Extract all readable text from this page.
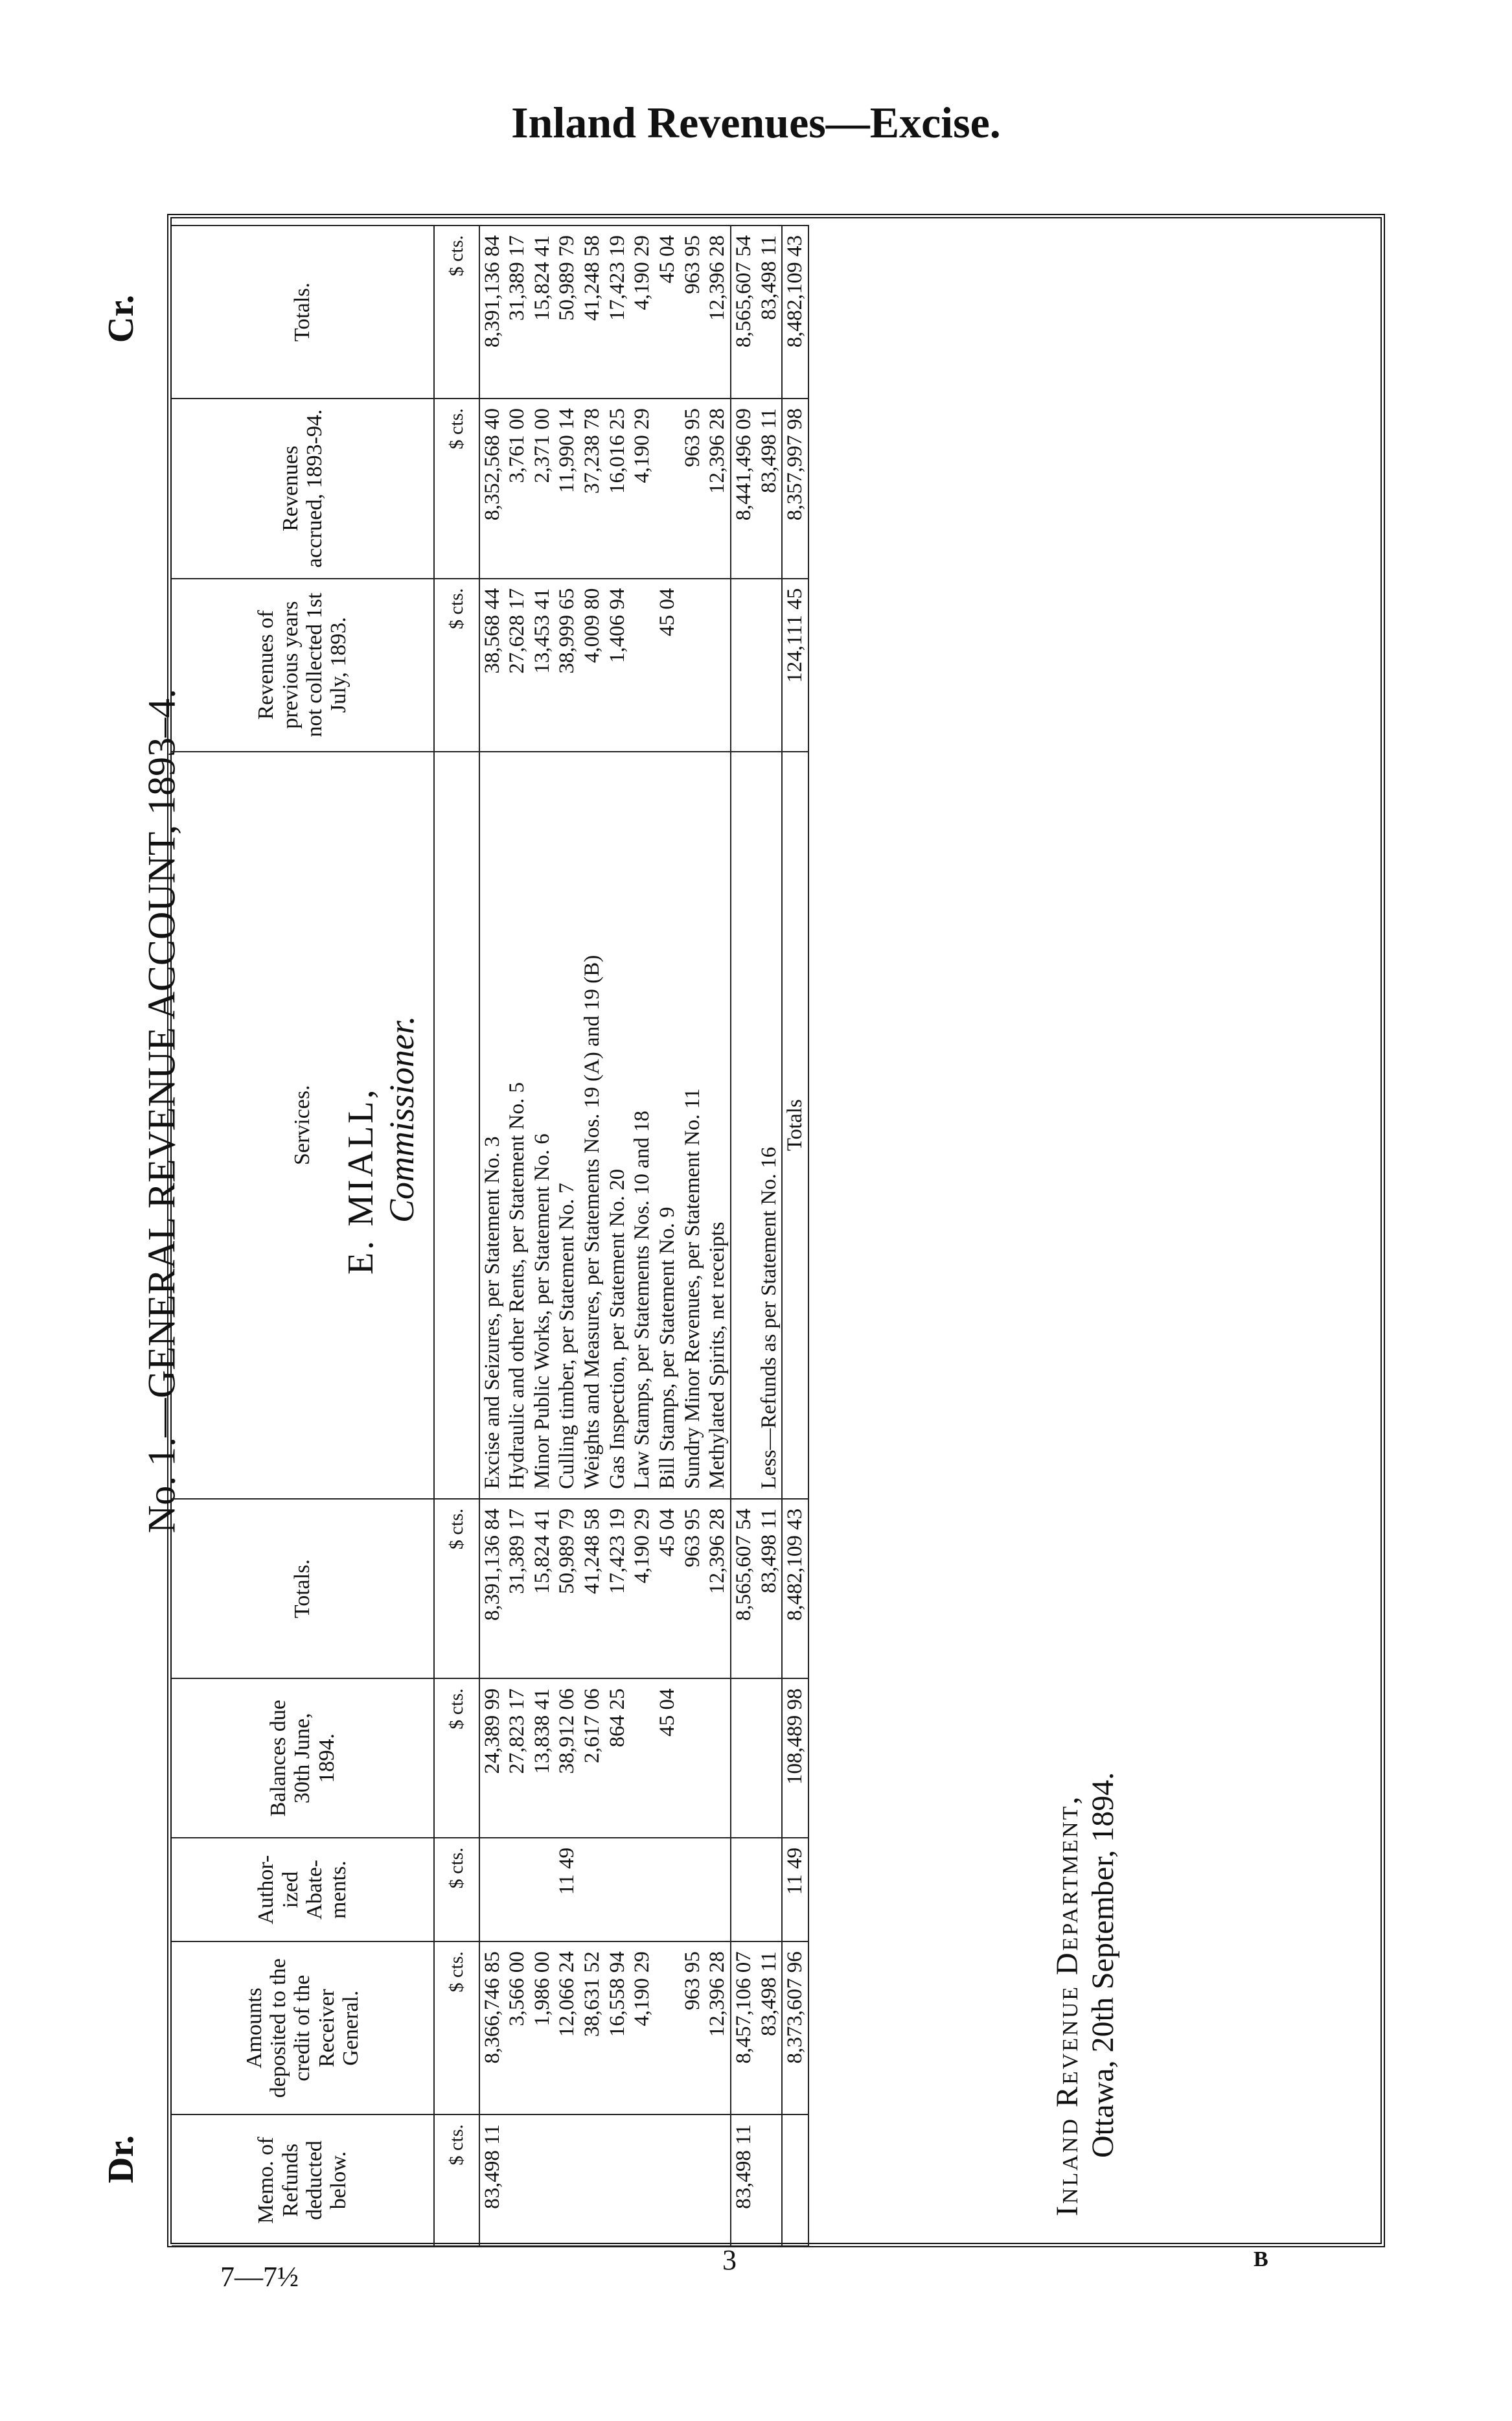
Inland Revenues—Excise.
Cr.
No. 1.—GENERAL REVENUE ACCOUNT, 1893–4.
Dr.	Memo. of Refunds deducted below.	Amounts deposited to the credit of the Receiver General.	Author- ized Abate- ments.	Balances due 30th June, 1894.	Totals.	Services.	Revenues of previous years not collected 1st July, 1893.	Revenues accrued, 1893-94.	Totals.
$ cts.	$ cts.	$ cts.	$ cts.	$ cts.		$ cts.	$ cts.	$ cts.
83,498 11	8,366,746 85		24,389 99	8,391,136 84	Excise and Seizures, per Statement No. 3	38,568 44	8,352,568 40	8,391,136 84
	3,566 00		27,823 17	31,389 17	Hydraulic and other Rents, per Statement No. 5	27,628 17	3,761 00	31,389 17
	1,986 00		13,838 41	15,824 41	Minor Public Works, per Statement No. 6	13,453 41	2,371 00	15,824 41
	12,066 24	11 49	38,912 06	50,989 79	Culling timber, per Statement No. 7	38,999 65	11,990 14	50,989 79
	38,631 52		2,617 06	41,248 58	Weights and Measures, per Statements Nos. 19 (A) and 19 (B)	4,009 80	37,238 78	41,248 58
	16,558 94		864 25	17,423 19	Gas Inspection, per Statement No. 20	1,406 94	16,016 25	17,423 19
	4,190 29			4,190 29	Law Stamps, per Statements Nos. 10 and 18		4,190 29	4,190 29
			45 04	45 04	Bill Stamps, per Statement No. 9	45 04		45 04
	963 95			963 95	Sundry Minor Revenues, per Statement No. 11		963 95	963 95
	12,396 28			12,396 28	Methylated Spirits, net receipts		12,396 28	12,396 28
83,498 11	8,457,106 07			8,565,607 54			8,441,496 09	8,565,607 54
	83,498 11			83,498 11	Less—Refunds as per Statement No. 16		83,498 11	83,498 11
	8,373,607 96	11 49	108,489 98	8,482,109 43	Totals	124,111 45	8,357,997 98	8,482,109 43
E. MIALL, Commissioner.
Inland Revenue Department, Ottawa, 20th September, 1894.
7—7½
3	B
